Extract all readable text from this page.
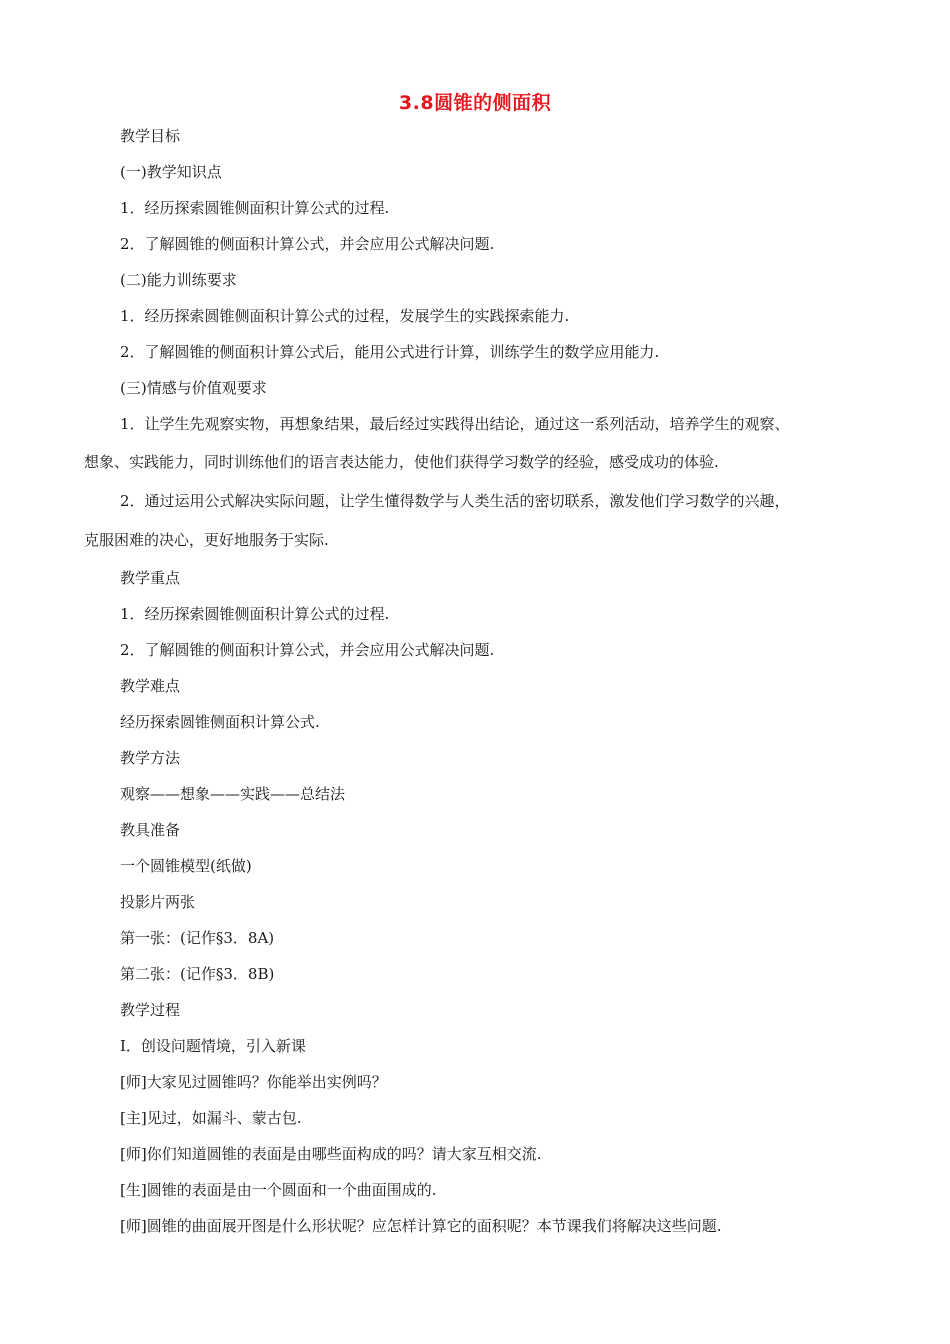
3.8圆锥的侧面积
教学目标
(一)教学知识点
1．经历探索圆锥侧面积计算公式的过程.
2．了解圆锥的侧面积计算公式，并会应用公式解决问题.
(二)能力训练要求
1．经历探索圆锥侧面积计算公式的过程，发展学生的实践探索能力.
2．了解圆锥的侧面积计算公式后，能用公式进行计算，训练学生的数学应用能力.
(三)情感与价值观要求
1．让学生先观察实物，再想象结果，最后经过实践得出结论，通过这一系列活动，培养学生的观察、
想象、实践能力，同时训练他们的语言表达能力，使他们获得学习数学的经验，感受成功的体验.
2．通过运用公式解决实际问题，让学生懂得数学与人类生活的密切联系，激发他们学习数学的兴趣，
克服困难的决心，更好地服务于实际.
教学重点
1．经历探索圆锥侧面积计算公式的过程.
2．了解圆锥的侧面积计算公式，并会应用公式解决问题.
教学难点
经历探索圆锥侧面积计算公式.
教学方法
观察——想象——实践——总结法
教具准备
一个圆锥模型(纸做)
投影片两张
第一张：(记作§3．8A)
第二张：(记作§3．8B)
教学过程
Ⅰ．创设问题情境，引入新课
[师]大家见过圆锥吗？你能举出实例吗？
[主]见过，如漏斗、蒙古包.
[师]你们知道圆锥的表面是由哪些面构成的吗？请大家互相交流.
[生]圆锥的表面是由一个圆面和一个曲面围成的.
[师]圆锥的曲面展开图是什么形状呢？应怎样计算它的面积呢？本节课我们将解决这些问题.
